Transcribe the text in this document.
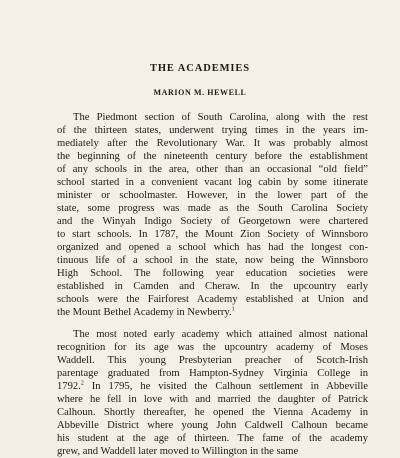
THE ACADEMIES
MARION M. HEWELL

The Piedmont section of South Carolina, along with the rest

of the thirteen states, underwent trying times in the years im-

mediately after the Revolutionary War. It was probably almost

the beginning of the nineteenth century before the establishment

of any schools in the area, other than an occasional “old field”

school started in a convenient vacant log cabin by some itinerate

minister or schoolmaster. However, in the lower part of the

state, some progress was made as the South Carolina Society

and the Winyah Indigo Society of Georgetown were chartered

to start schools. In 1787, the Mount Zion Society of Winnsboro

organized and opened a school which has had the longest con-

tinuous life of a school in the state, now being the Winnsboro

High School. The following year education societies were

established in Camden and Cheraw. In the upcountry early

schools were the Fairforest Academy established at Union and

the Mount Bethel Academy in Newberry.$^1$

The most noted early academy which attained almost national

recognition for its age was the upcountry academy of Moses

Waddell. This young Presbyterian preacher of Scotch-Irish

parentage graduated from Hampton-Sydney Virginia College in

1792.$^2$ In 1795, he visited the Calhoun settlement in Abbeville

where he fell in love with and married the daughter of Patrick

Calhoun. Shortly thereafter, he opened the Vienna Academy in

Abbeville District where young John Caldwell Calhoun became

his student at the age of thirteen. The fame of the academy

grew, and Waddell later moved to Willington in the same
